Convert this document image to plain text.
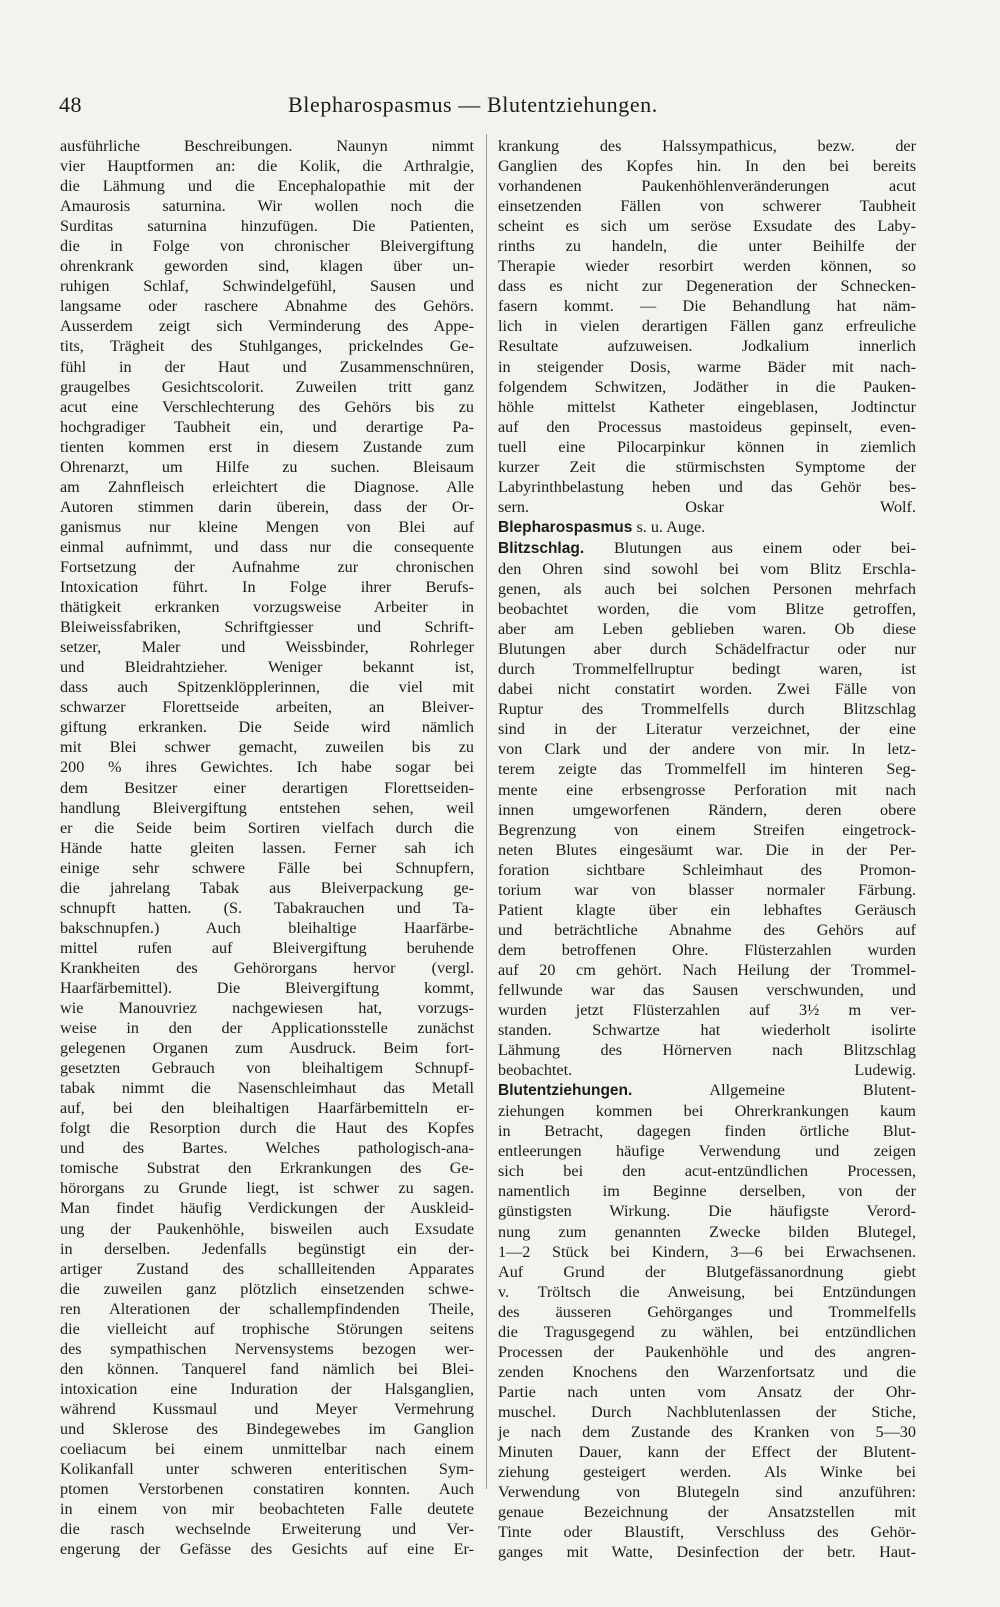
48	Blepharospasmus — Blutentziehungen.
ausführliche Beschreibungen. Naunyn nimmt
vier Hauptformen an: die Kolik, die Arthralgie,
die Lähmung und die Encephalopathie mit der
Amaurosis saturnina. Wir wollen noch die
Surditas saturnina hinzufügen. Die Patienten,
die in Folge von chronischer Bleivergiftung
ohrenkrank geworden sind, klagen über un-
ruhigen Schlaf, Schwindelgefühl, Sausen und
langsame oder raschere Abnahme des Gehörs.
Ausserdem zeigt sich Verminderung des Appe-
tits, Trägheit des Stuhlganges, prickelndes Ge-
fühl in der Haut und Zusammenschnüren,
graugelbes Gesichtscolorit. Zuweilen tritt ganz
acut eine Verschlechterung des Gehörs bis zu
hochgradiger Taubheit ein, und derartige Pa-
tienten kommen erst in diesem Zustande zum
Ohrenarzt, um Hilfe zu suchen. Bleisaum
am Zahnfleisch erleichtert die Diagnose. Alle
Autoren stimmen darin überein, dass der Or-
ganismus nur kleine Mengen von Blei auf
einmal aufnimmt, und dass nur die consequente
Fortsetzung der Aufnahme zur chronischen
Intoxication führt. In Folge ihrer Berufs-
thätigkeit erkranken vorzugsweise Arbeiter in
Bleiweissfabriken, Schriftgiesser und Schrift-
setzer, Maler und Weissbinder, Rohrleger
und Bleidrahtzieher. Weniger bekannt ist,
dass auch Spitzenklöpplerinnen, die viel mit
schwarzer Florettseide arbeiten, an Bleiver-
giftung erkranken. Die Seide wird nämlich
mit Blei schwer gemacht, zuweilen bis zu
200 % ihres Gewichtes. Ich habe sogar bei
dem Besitzer einer derartigen Florettseiden-
handlung Bleivergiftung entstehen sehen, weil
er die Seide beim Sortiren vielfach durch die
Hände hatte gleiten lassen. Ferner sah ich
einige sehr schwere Fälle bei Schnupfern,
die jahrelang Tabak aus Bleiverpackung ge-
schnupft hatten. (S. Tabakrauchen und Ta-
bakschnupfen.) Auch bleihaltige Haarfärbe-
mittel rufen auf Bleivergiftung beruhende
Krankheiten des Gehörorgans hervor (vergl.
Haarfärbemittel). Die Bleivergiftung kommt,
wie Manouvriez nachgewiesen hat, vorzugs-
weise in den der Applicationsstelle zunächst
gelegenen Organen zum Ausdruck. Beim fort-
gesetzten Gebrauch von bleihaltigem Schnupf-
tabak nimmt die Nasenschleimhaut das Metall
auf, bei den bleihaltigen Haarfärbemitteln er-
folgt die Resorption durch die Haut des Kopfes
und des Bartes. Welches pathologisch-ana-
tomische Substrat den Erkrankungen des Ge-
hörorgans zu Grunde liegt, ist schwer zu sagen.
Man findet häufig Verdickungen der Auskleid-
ung der Paukenhöhle, bisweilen auch Exsudate
in derselben. Jedenfalls begünstigt ein der-
artiger Zustand des schallleitenden Apparates
die zuweilen ganz plötzlich einsetzenden schwe-
ren Alterationen der schallempfindenden Theile,
die vielleicht auf trophische Störungen seitens
des sympathischen Nervensystems bezogen wer-
den können. Tanquerel fand nämlich bei Blei-
intoxication eine Induration der Halsganglien,
während Kussmaul und Meyer Vermehrung
und Sklerose des Bindegewebes im Ganglion
coeliacum bei einem unmittelbar nach einem
Kolikanfall unter schweren enteritischen Sym-
ptomen Verstorbenen constatiren konnten. Auch
in einem von mir beobachteten Falle deutete
die rasch wechselnde Erweiterung und Ver-
engerung der Gefässe des Gesichts auf eine Er-
krankung des Halssympathicus, bezw. der
Ganglien des Kopfes hin. In den bei bereits
vorhandenen Paukenhöhlenveränderungen acut
einsetzenden Fällen von schwerer Taubheit
scheint es sich um seröse Exsudate des Laby-
rinths zu handeln, die unter Beihilfe der
Therapie wieder resorbirt werden können, so
dass es nicht zur Degeneration der Schnecken-
fasern kommt. — Die Behandlung hat näm-
lich in vielen derartigen Fällen ganz erfreuliche
Resultate aufzuweisen. Jodkalium innerlich
in steigender Dosis, warme Bäder mit nach-
folgendem Schwitzen, Jodäther in die Pauken-
höhle mittelst Katheter eingeblasen, Jodtinctur
auf den Processus mastoideus gepinselt, even-
tuell eine Pilocarpinkur können in ziemlich
kurzer Zeit die stürmischsten Symptome der
Labyrinthbelastung heben und das Gehör bes-
sern. Oskar Wolf.
Blepharospasmus s. u. Auge.
Blitzschlag. Blutungen aus einem oder bei-
den Ohren sind sowohl bei vom Blitz Erschla-
genen, als auch bei solchen Personen mehrfach
beobachtet worden, die vom Blitze getroffen,
aber am Leben geblieben waren. Ob diese
Blutungen aber durch Schädelfractur oder nur
durch Trommelfellruptur bedingt waren, ist
dabei nicht constatirt worden. Zwei Fälle von
Ruptur des Trommelfells durch Blitzschlag
sind in der Literatur verzeichnet, der eine
von Clark und der andere von mir. In letz-
terem zeigte das Trommelfell im hinteren Seg-
mente eine erbsengrosse Perforation mit nach
innen umgeworfenen Rändern, deren obere
Begrenzung von einem Streifen eingetrock-
neten Blutes eingesäumt war. Die in der Per-
foration sichtbare Schleimhaut des Promon-
torium war von blasser normaler Färbung.
Patient klagte über ein lebhaftes Geräusch
und beträchtliche Abnahme des Gehörs auf
dem betroffenen Ohre. Flüsterzahlen wurden
auf 20 cm gehört. Nach Heilung der Trommel-
fellwunde war das Sausen verschwunden, und
wurden jetzt Flüsterzahlen auf 3½ m ver-
standen. Schwartze hat wiederholt isolirte
Lähmung des Hörnerven nach Blitzschlag
beobachtet. Ludewig.
Blutentziehungen. Allgemeine Blutent-
ziehungen kommen bei Ohrerkrankungen kaum
in Betracht, dagegen finden örtliche Blut-
entleerungen häufige Verwendung und zeigen
sich bei den acut-entzündlichen Processen,
namentlich im Beginne derselben, von der
günstigsten Wirkung. Die häufigste Verord-
nung zum genannten Zwecke bilden Blutegel,
1—2 Stück bei Kindern, 3—6 bei Erwachsenen.
Auf Grund der Blutgefässanordnung giebt
v. Tröltsch die Anweisung, bei Entzündungen
des äusseren Gehörganges und Trommelfells
die Tragusgegend zu wählen, bei entzündlichen
Processen der Paukenhöhle und des angren-
zenden Knochens den Warzenfortsatz und die
Partie nach unten vom Ansatz der Ohr-
muschel. Durch Nachblutenlassen der Stiche,
je nach dem Zustande des Kranken von 5—30
Minuten Dauer, kann der Effect der Blutent-
ziehung gesteigert werden. Als Winke bei
Verwendung von Blutegeln sind anzuführen:
genaue Bezeichnung der Ansatzstellen mit
Tinte oder Blaustift, Verschluss des Gehör-
ganges mit Watte, Desinfection der betr. Haut-
